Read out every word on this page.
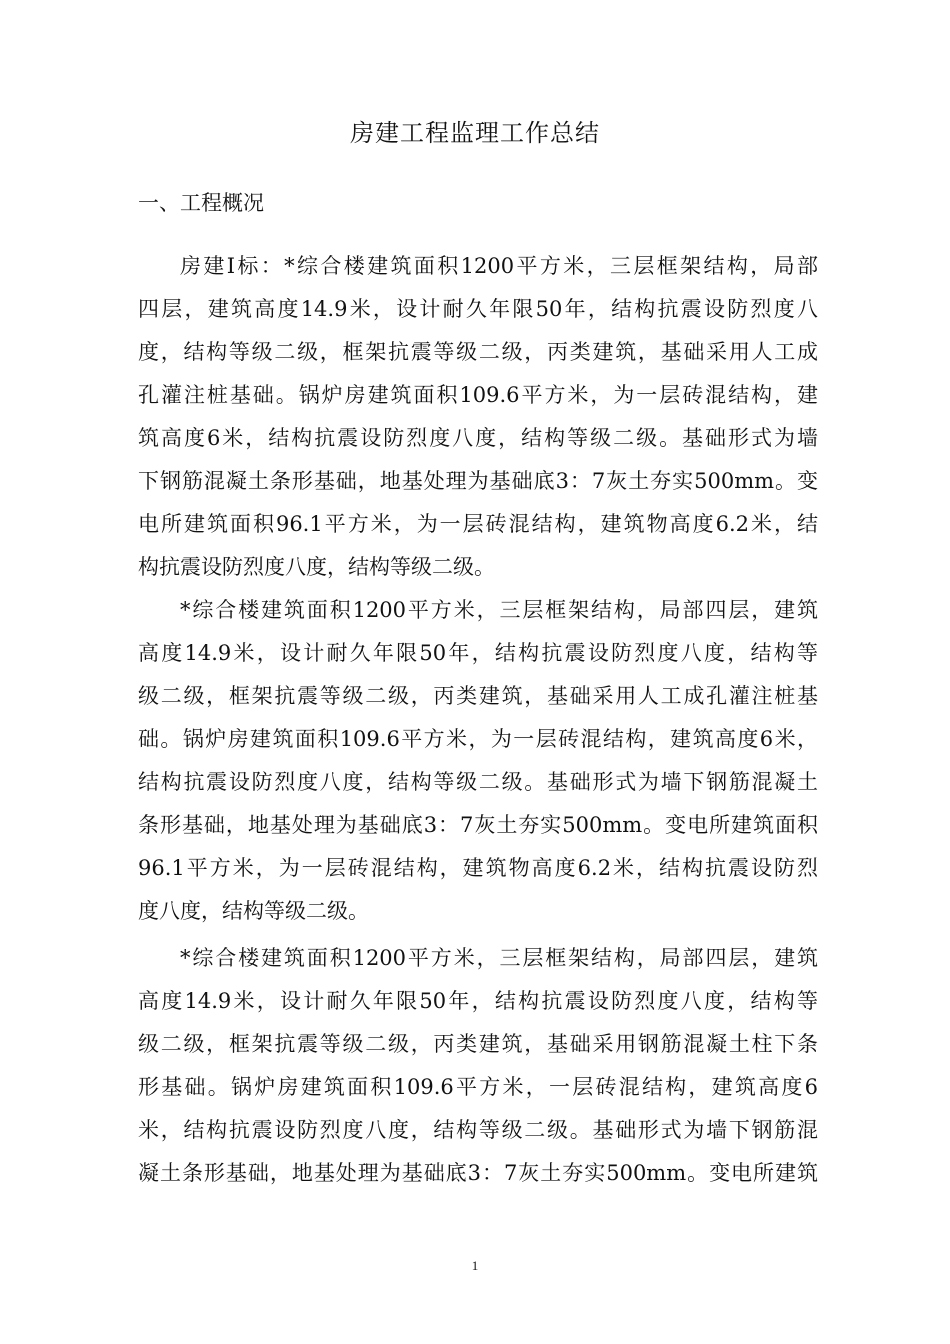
房建工程监理工作总结
一、工程概况
房建Ⅰ标：*综合楼建筑面积1200平方米，三层框架结构，局部
四层，建筑高度14.9米，设计耐久年限50年，结构抗震设防烈度八
度，结构等级二级，框架抗震等级二级，丙类建筑，基础采用人工成
孔灌注桩基础。锅炉房建筑面积109.6平方米，为一层砖混结构，建
筑高度6米，结构抗震设防烈度八度，结构等级二级。基础形式为墙
下钢筋混凝土条形基础，地基处理为基础底3：7灰土夯实500mm。变
电所建筑面积96.1平方米，为一层砖混结构，建筑物高度6.2米，结
构抗震设防烈度八度，结构等级二级。
*综合楼建筑面积1200平方米，三层框架结构，局部四层，建筑
高度14.9米，设计耐久年限50年，结构抗震设防烈度八度，结构等
级二级，框架抗震等级二级，丙类建筑，基础采用人工成孔灌注桩基
础。锅炉房建筑面积109.6平方米，为一层砖混结构，建筑高度6米，
结构抗震设防烈度八度，结构等级二级。基础形式为墙下钢筋混凝土
条形基础，地基处理为基础底3：7灰土夯实500mm。变电所建筑面积
96.1平方米，为一层砖混结构，建筑物高度6.2米，结构抗震设防烈
度八度，结构等级二级。
*综合楼建筑面积1200平方米，三层框架结构，局部四层，建筑
高度14.9米，设计耐久年限50年，结构抗震设防烈度八度，结构等
级二级，框架抗震等级二级，丙类建筑，基础采用钢筋混凝土柱下条
形基础。锅炉房建筑面积109.6平方米，一层砖混结构，建筑高度6
米，结构抗震设防烈度八度，结构等级二级。基础形式为墙下钢筋混
凝土条形基础，地基处理为基础底3：7灰土夯实500mm。变电所建筑
1
